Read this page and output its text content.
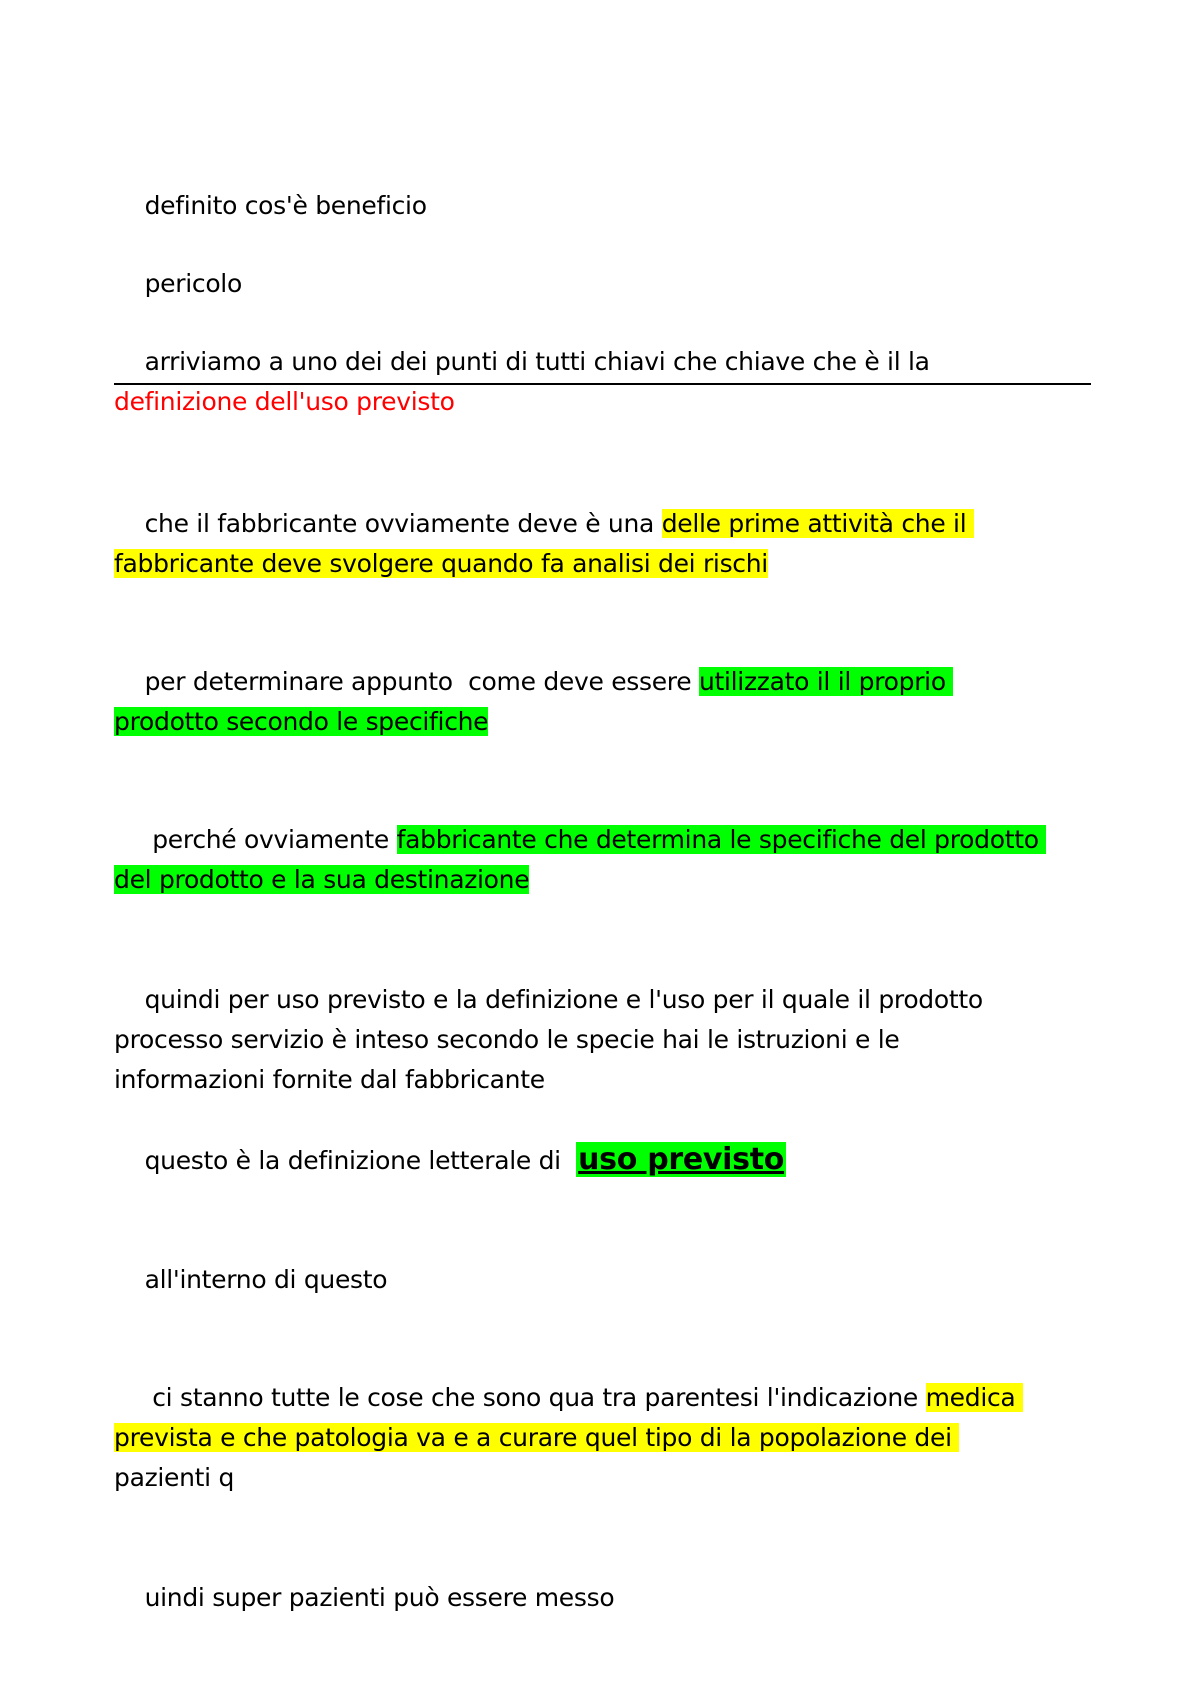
definito cos'è beneficio

pericolo

arriviamo a uno dei dei punti di tutti chiavi che chiave che è il la
definizione dell'uso previsto

che il fabbricante ovviamente deve è una delle prime attività che il
fabbricante deve svolgere quando fa analisi dei rischi

per determinare appunto  come deve essere utilizzato il il proprio
prodotto secondo le specifiche

perché ovviamente fabbricante che determina le specifiche del prodotto
del prodotto e la sua destinazione

quindi per uso previsto e la definizione e l'uso per il quale il prodotto
processo servizio è inteso secondo le specie hai le istruzioni e le
informazioni fornite dal fabbricante

questo è la definizione letterale di  uso previsto

all'interno di questo

ci stanno tutte le cose che sono qua tra parentesi l'indicazione medica
prevista e che patologia va e a curare quel tipo di la popolazione dei
pazienti q

uindi super pazienti può essere messo
